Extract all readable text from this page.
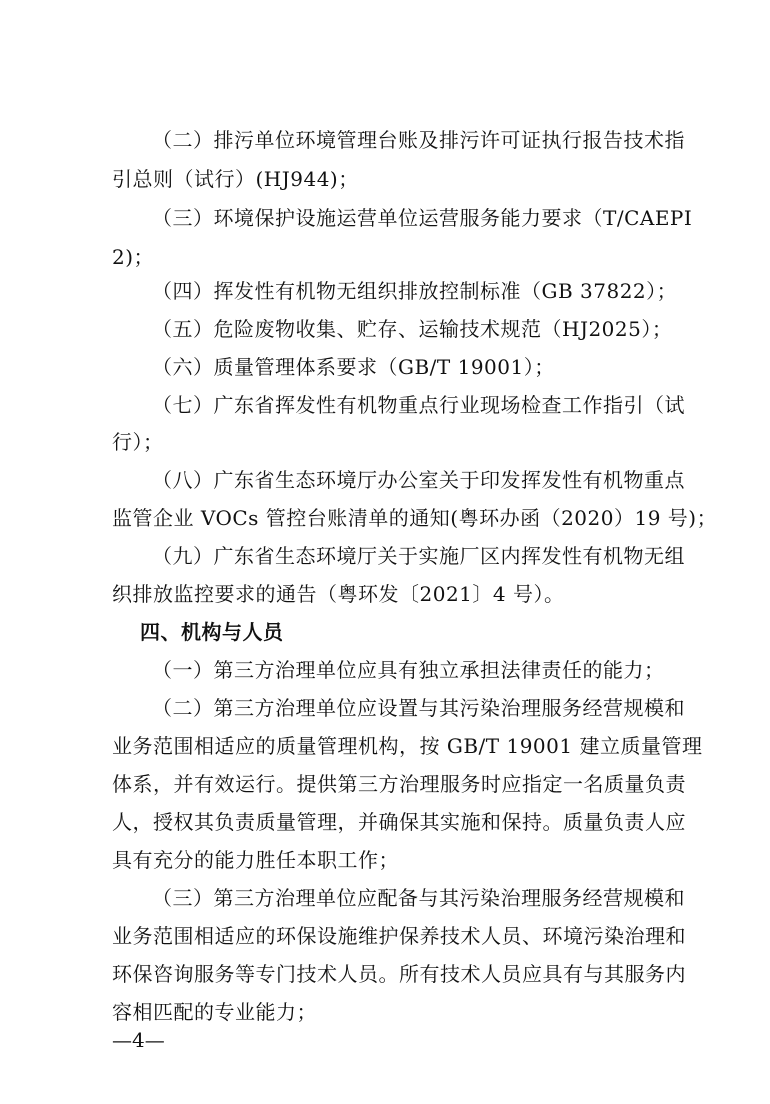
（二）排污单位环境管理台账及排污许可证执行报告技术指
引总则（试行）(HJ944)；
（三）环境保护设施运营单位运营服务能力要求（T/CAEPI
2)；
（四）挥发性有机物无组织排放控制标准（GB 37822）；
（五）危险废物收集、贮存、运输技术规范（HJ2025）；
（六）质量管理体系要求（GB/T 19001）；
（七）广东省挥发性有机物重点行业现场检查工作指引（试
行）；
（八）广东省生态环境厅办公室关于印发挥发性有机物重点
监管企业 VOCs 管控台账清单的通知(粤环办函（2020）19 号)；
（九）广东省生态环境厅关于实施厂区内挥发性有机物无组
织排放监控要求的通告（粤环发〔2021〕4 号）。
四、机构与人员
（一）第三方治理单位应具有独立承担法律责任的能力；
（二）第三方治理单位应设置与其污染治理服务经营规模和
业务范围相适应的质量管理机构，按 GB/T 19001 建立质量管理
体系，并有效运行。提供第三方治理服务时应指定一名质量负责
人，授权其负责质量管理，并确保其实施和保持。质量负责人应
具有充分的能力胜任本职工作；
（三）第三方治理单位应配备与其污染治理服务经营规模和
业务范围相适应的环保设施维护保养技术人员、环境污染治理和
环保咨询服务等专门技术人员。所有技术人员应具有与其服务内
容相匹配的专业能力；
—4—
